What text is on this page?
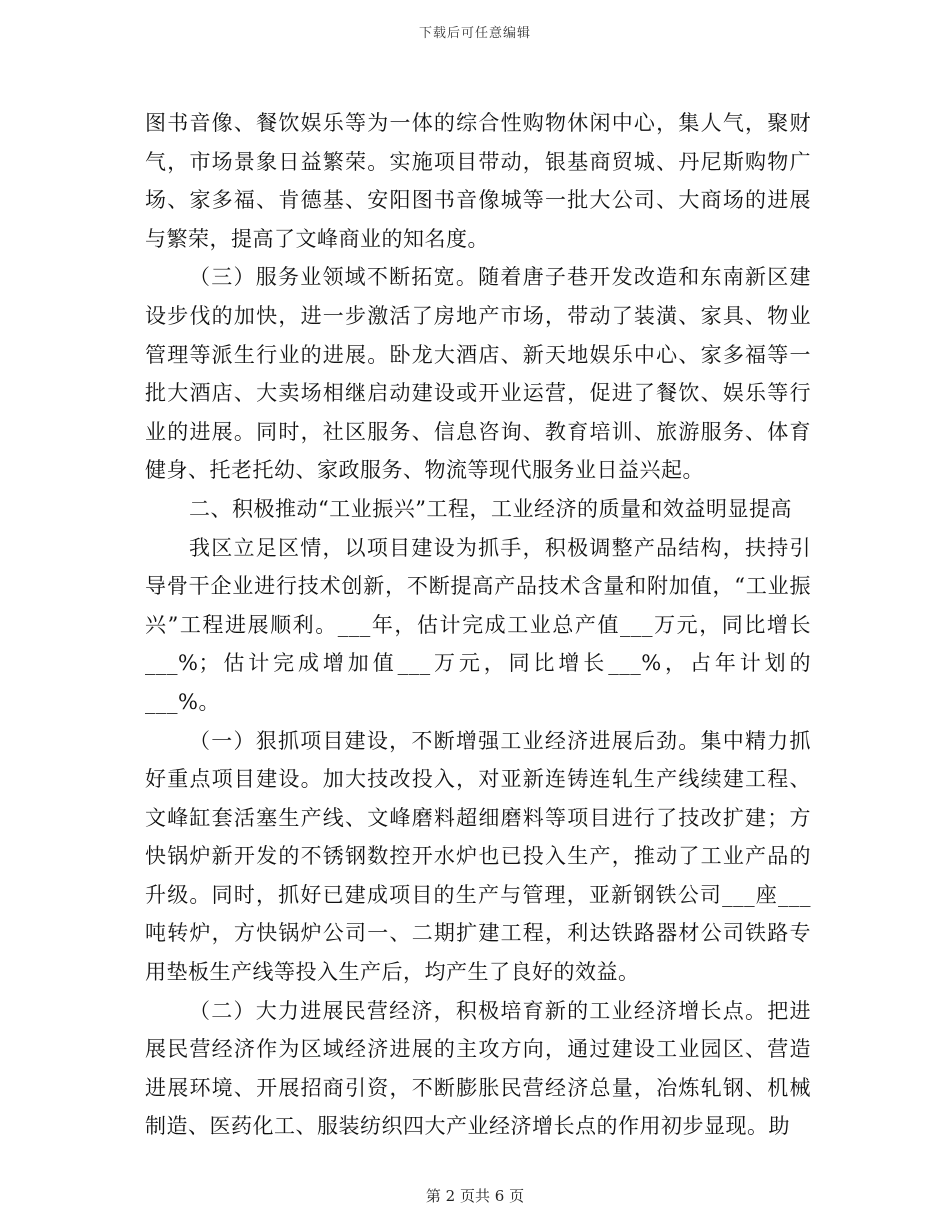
下载后可任意编辑

图书音像、餐饮娱乐等为一体的综合性购物休闲中心，集人气，聚财气，市场景象日益繁荣。实施项目带动，银基商贸城、丹尼斯购物广场、家多福、肯德基、安阳图书音像城等一批大公司、大商场的进展与繁荣，提高了文峰商业的知名度。

（三）服务业领域不断拓宽。随着唐子巷开发改造和东南新区建设步伐的加快，进一步激活了房地产市场，带动了装潢、家具、物业管理等派生行业的进展。卧龙大酒店、新天地娱乐中心、家多福等一批大酒店、大卖场相继启动建设或开业运营，促进了餐饮、娱乐等行业的进展。同时，社区服务、信息咨询、教育培训、旅游服务、体育健身、托老托幼、家政服务、物流等现代服务业日益兴起。

二、积极推动“工业振兴”工程，工业经济的质量和效益明显提高

我区立足区情，以项目建设为抓手，积极调整产品结构，扶持引导骨干企业进行技术创新，不断提高产品技术含量和附加值，“工业振兴”工程进展顺利。___年，估计完成工业总产值___万元，同比增长___%；估计完成增加值___万元，同比增长___%，占年计划的___%。

（一）狠抓项目建设，不断增强工业经济进展后劲。集中精力抓好重点项目建设。加大技改投入，对亚新连铸连轧生产线续建工程、文峰缸套活塞生产线、文峰磨料超细磨料等项目进行了技改扩建；方快锅炉新开发的不锈钢数控开水炉也已投入生产，推动了工业产品的升级。同时，抓好已建成项目的生产与管理，亚新钢铁公司___座___吨转炉，方快锅炉公司一、二期扩建工程，利达铁路器材公司铁路专用垫板生产线等投入生产后，均产生了良好的效益。

（二）大力进展民营经济，积极培育新的工业经济增长点。把进展民营经济作为区域经济进展的主攻方向，通过建设工业园区、营造进展环境、开展招商引资，不断膨胀民营经济总量，冶炼轧钢、机械制造、医药化工、服装纺织四大产业经济增长点的作用初步显现。助

第 2 页共 6 页
